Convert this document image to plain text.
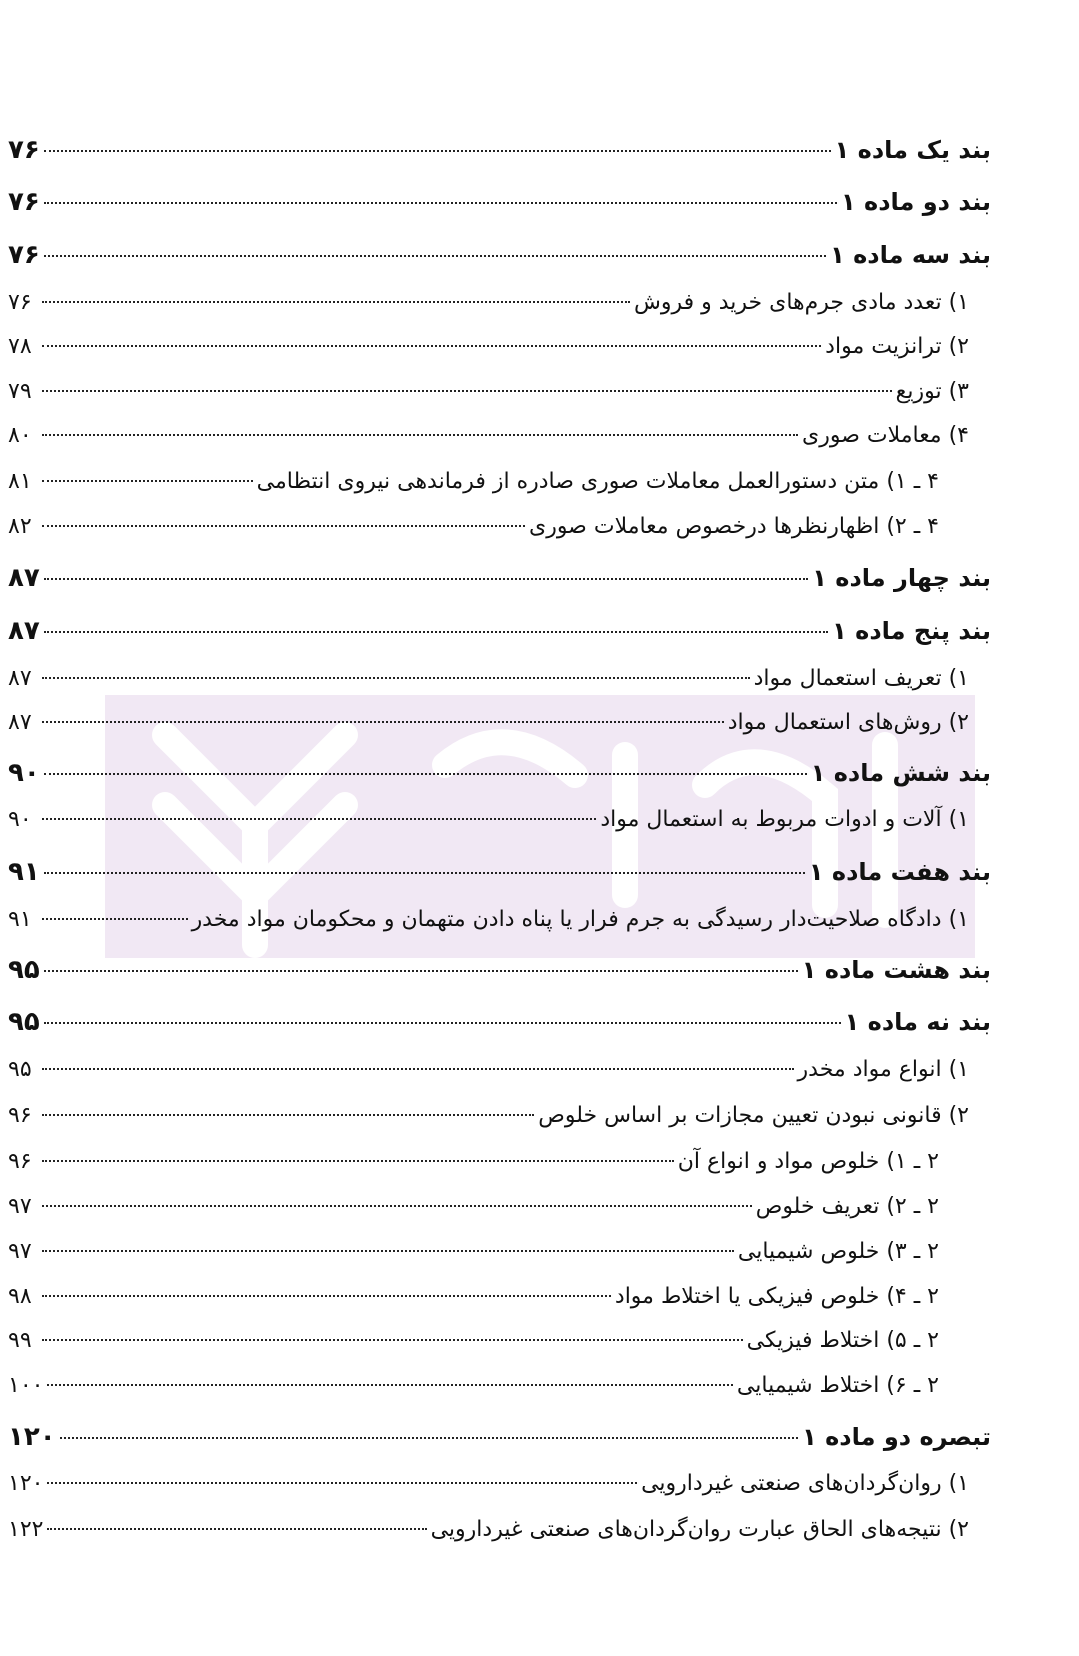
بند یک ماده ۱
۷۶
بند دو ماده ۱
۷۶
بند سه ماده ۱
۷۶
۱) تعدد مادی جرم‌های خرید و فروش
۷۶
۲) ترانزیت مواد
۷۸
۳) توزیع
۷۹
۴) معاملات صوری
۸۰
۴ ـ ۱) متن دستورالعمل معاملات صوری صادره از فرماندهی نیروی انتظامی
۸۱
۴ ـ ۲) اظهارنظرها درخصوص معاملات صوری
۸۲
بند چهار ماده ۱
۸۷
بند پنج ماده ۱
۸۷
۱) تعریف استعمال مواد
۸۷
۲) روش‌های استعمال مواد
۸۷
بند شش ماده ۱
۹۰
۱) آلات و ادوات مربوط به استعمال مواد
۹۰
بند هفت ماده ۱
۹۱
۱) دادگاه صلاحیت‌دار رسیدگی به جرم فرار یا پناه دادن متهمان و محکومان مواد مخدر
۹۱
بند هشت ماده ۱
۹۵
بند نه ماده ۱
۹۵
۱) انواع مواد مخدر
۹۵
۲) قانونی نبودن تعیین مجازات بر اساس خلوص
۹۶
۲ ـ ۱) خلوص مواد و انواع آن
۹۶
۲ ـ ۲) تعریف خلوص
۹۷
۲ ـ ۳) خلوص شیمیایی
۹۷
۲ ـ ۴) خلوص فیزیکی یا اختلاط مواد
۹۸
۲ ـ ۵) اختلاط فیزیکی
۹۹
۲ ـ ۶) اختلاط شیمیایی
۱۰۰
تبصره دو ماده ۱
۱۲۰
۱) روان‌گردان‌های صنعتی غیردارویی
۱۲۰
۲) نتیجه‌های الحاق عبارت روان‌گردان‌های صنعتی غیردارویی
۱۲۲
